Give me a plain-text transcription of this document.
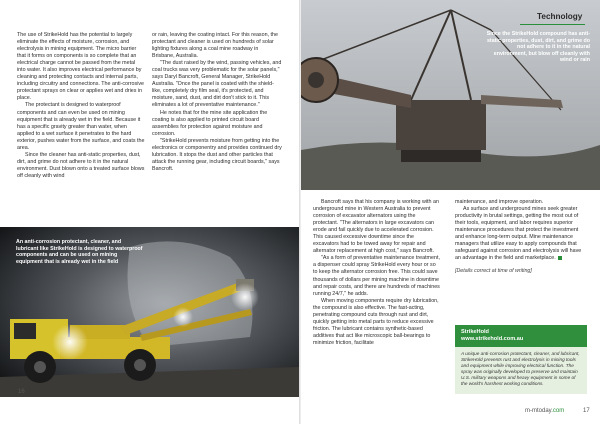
The use of StrikeHold has the potential to largely eliminate the effects of moisture, corrosion, and electrolysis in mining equipment. The micro barrier that it forms on components is so complete that an electrical charge cannot be passed from the metal into water. It also improves electrical performance by cleaning and protecting contacts and internal parts, including circuitry and connections. The anti-corrosive protectant sprays on clear or applies wet and dries in place.

The protectant is designed to waterproof components and can even be used on mining equipment that is already wet in the field. Because it has a specific gravity greater than water, when applied to a wet surface it penetrates to the hard exterior, pushes water from the surface, and coats the area.

Since the cleaner has anti-static properties, dust, dirt, and grime do not adhere to it in the natural environment. Dust blown onto a treated surface blows off cleanly with wind

or rain, leaving the coating intact. For this reason, the protectant and cleaner is used on hundreds of solar lighting fixtures along a coal mine roadway in Brisbane, Australia.

"The dust raised by the wind, passing vehicles, and coal trucks was very problematic for the solar panels," says Daryl Bancroft, General Manager, StrikeHold Australia. "Once the panel is coated with the shield-like, completely dry film seal, it's protected, and moisture, sand, dust, and dirt don't stick to it. This eliminates a lot of preventative maintenance."

He notes that for the mine site application the coating is also applied to printed circuit board assemblies for protection against moisture and corrosion.

"StrikeHold prevents moisture from getting into the electronics or componentry and provides continued dry lubrication. It stops the dust and other particles that attack the running gear, including circuit boards," says Bancroft.

An anti-corrosion protectant, cleaner, and lubricant like StrikeHold is designed to waterproof components and can be used on mining equipment that is already wet in the field
16
Technology
Since the StrikeHold compound has anti-static properties, dust, dirt, and grime do not adhere to it in the natural environment, but blow off cleanly with wind or rain

Bancroft says that his company is working with an underground mine in Western Australia to prevent corrosion of excavator alternators using the protectant. "The alternators in large excavators can erode and fail quickly due to accelerated corrosion. This caused excessive downtime since the excavators had to be towed away for repair and alternator replacement at high cost," says Bancroft.

"As a form of preventative maintenance treatment, a dispenser could spray StrikeHold every hour or so to keep the alternator corrosion free. This could save thousands of dollars per mining machine in downtime and repair costs, and there are hundreds of machines running 24/7," he adds.

When moving components require dry lubrication, the compound is also effective. The fast-acting, penetrating compound cuts through rust and dirt, quickly getting into metal parts to reduce excessive friction. The lubricant contains synthetic-based additives that act like microscopic ball-bearings to minimize friction, facilitate

maintenance, and improve operation.

As surface and underground mines seek greater productivity in brutal settings, getting the most out of their tools, equipment, and labor requires superior maintenance procedures that protect the investment and enhance long-term output. Mine maintenance managers that utilize easy to apply compounds that safeguard against corrosion and electrolysis will have an advantage in the field and marketplace.

[Details correct at time of writing]
A unique anti-corrosion protectant, cleaner, and lubricant, StrikeHold prevents rust and electrolysis in mining tools and equipment while improving electrical function. The spray was originally developed to preserve and maintain U.S. military weapons and heavy equipment in some of the world's harshest working conditions.
StrikeHold
www.strikehold.com.au
m-mtoday.com	17
